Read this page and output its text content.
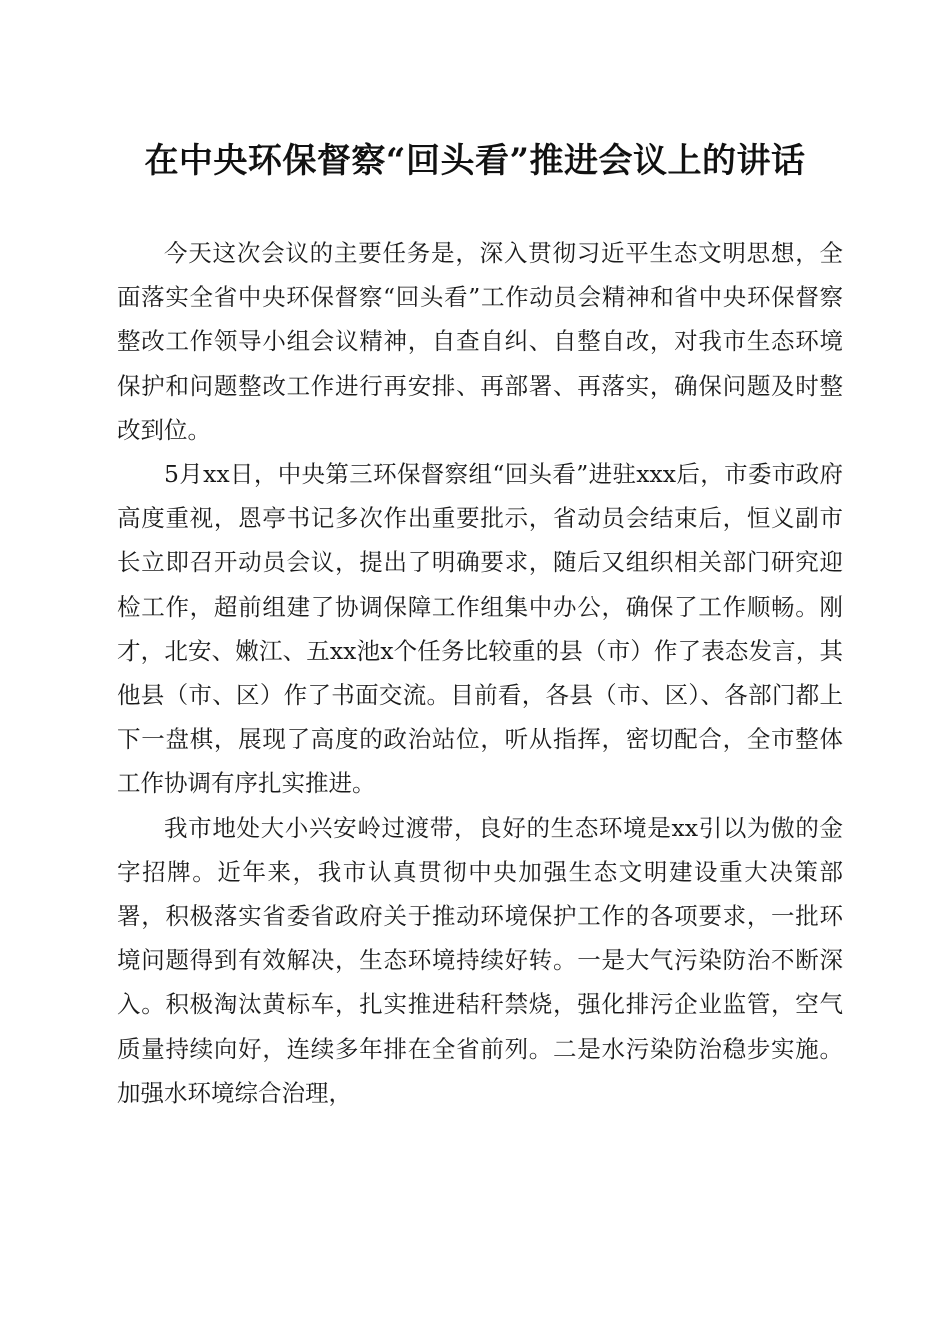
在中央环保督察“回头看”推进会议上的讲话

今天这次会议的主要任务是，深入贯彻习近平生态文明思想，全面落实全省中央环保督察“回头看”工作动员会精神和省中央环保督察整改工作领导小组会议精神，自查自纠、自整自改，对我市生态环境保护和问题整改工作进行再安排、再部署、再落实，确保问题及时整改到位。

5月xx日，中央第三环保督察组“回头看”进驻xxx后，市委市政府高度重视，恩亭书记多次作出重要批示，省动员会结束后，恒义副市长立即召开动员会议，提出了明确要求，随后又组织相关部门研究迎检工作，超前组建了协调保障工作组集中办公，确保了工作顺畅。刚才，北安、嫩江、五xx池x个任务比较重的县（市）作了表态发言，其他县（市、区）作了书面交流。目前看，各县（市、区）、各部门都上下一盘棋，展现了高度的政治站位，听从指挥，密切配合，全市整体工作协调有序扎实推进。

我市地处大小兴安岭过渡带，良好的生态环境是xx引以为傲的金字招牌。近年来，我市认真贯彻中央加强生态文明建设重大决策部署，积极落实省委省政府关于推动环境保护工作的各项要求，一批环境问题得到有效解决，生态环境持续好转。一是大气污染防治不断深入。积极淘汰黄标车，扎实推进秸秆禁烧，强化排污企业监管，空气质量持续向好，连续多年排在全省前列。二是水污染防治稳步实施。加强水环境综合治理，
